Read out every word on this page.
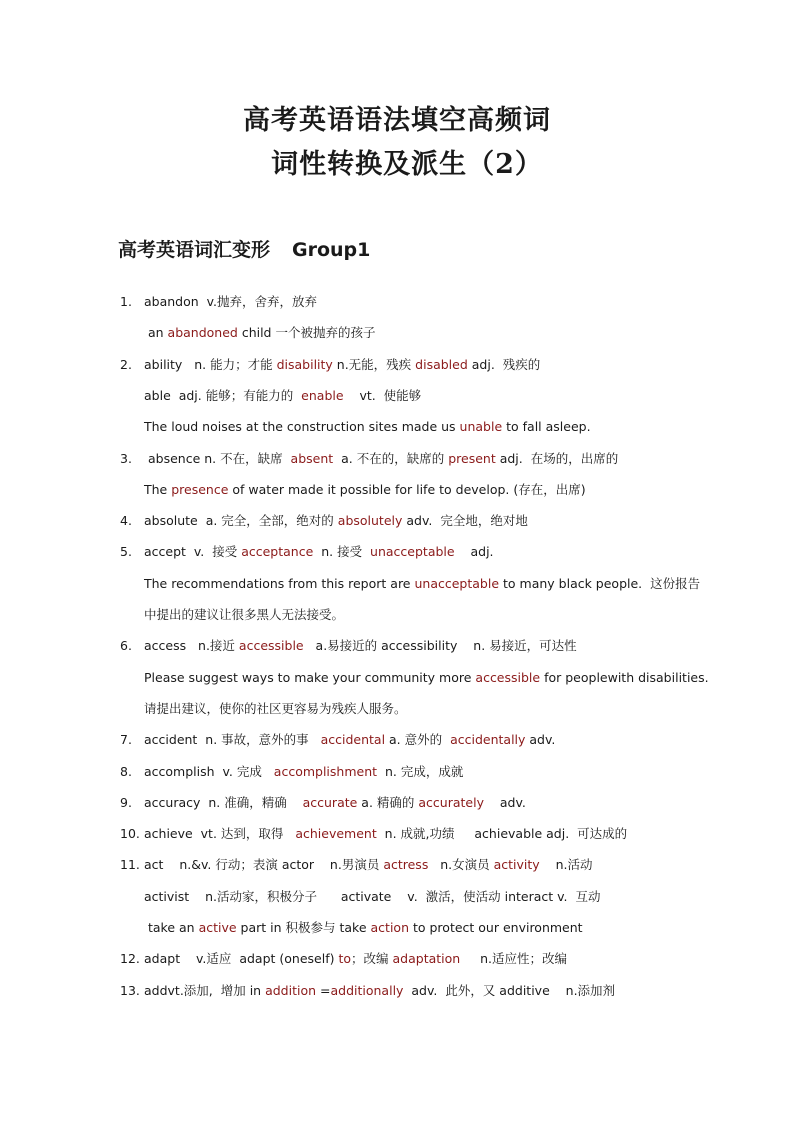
高考英语语法填空高频词
词性转换及派生（2）
高考英语词汇变形 Group1
1. abandon  v.抛弃，舍弃，放弃
an abandoned child 一个被抛弃的孩子
2. ability   n. 能力；才能 disability n.无能，残疾 disabled adj.  残疾的
able  adj. 能够；有能力的  enable    vt.  使能够
The loud noises at the construction sites made us unable to fall asleep.
3. absence n. 不在，缺席  absent  a. 不在的，缺席的 present adj.  在场的，出席的
The presence of water made it possible for life to develop. (存在，出席)
4. absolute  a. 完全，全部，绝对的 absolutely adv.  完全地，绝对地
5. accept  v.  接受 acceptance  n. 接受  unacceptable    adj.
The recommendations from this report are unacceptable to many black people.  这份报告
中提出的建议让很多黑人无法接受。
6. access   n.接近 accessible   a.易接近的 accessibility    n. 易接近，可达性
Please suggest ways to make your community more accessible for peoplewith disabilities.
请提出建议，使你的社区更容易为残疾人服务。
7. accident  n. 事故，意外的事   accidental a. 意外的  accidentally adv.
8. accomplish  v. 完成   accomplishment  n. 完成，成就
9. accuracy  n. 准确，精确    accurate a. 精确的 accurately    adv.
10. achieve  vt. 达到，取得   achievement  n. 成就,功绩     achievable adj.  可达成的
11. act    n.&v. 行动；表演 actor    n.男演员 actress   n.女演员 activity    n.活动
activist    n.活动家，积极分子      activate    v.  激活，使活动 interact v.  互动
take an active part in 积极参与 take action to protect our environment
12. adapt    v.适应  adapt (oneself) to；改编 adaptation     n.适应性；改编
13. addvt.添加,  增加 in addition =additionally  adv.  此外，又 additive    n.添加剂
